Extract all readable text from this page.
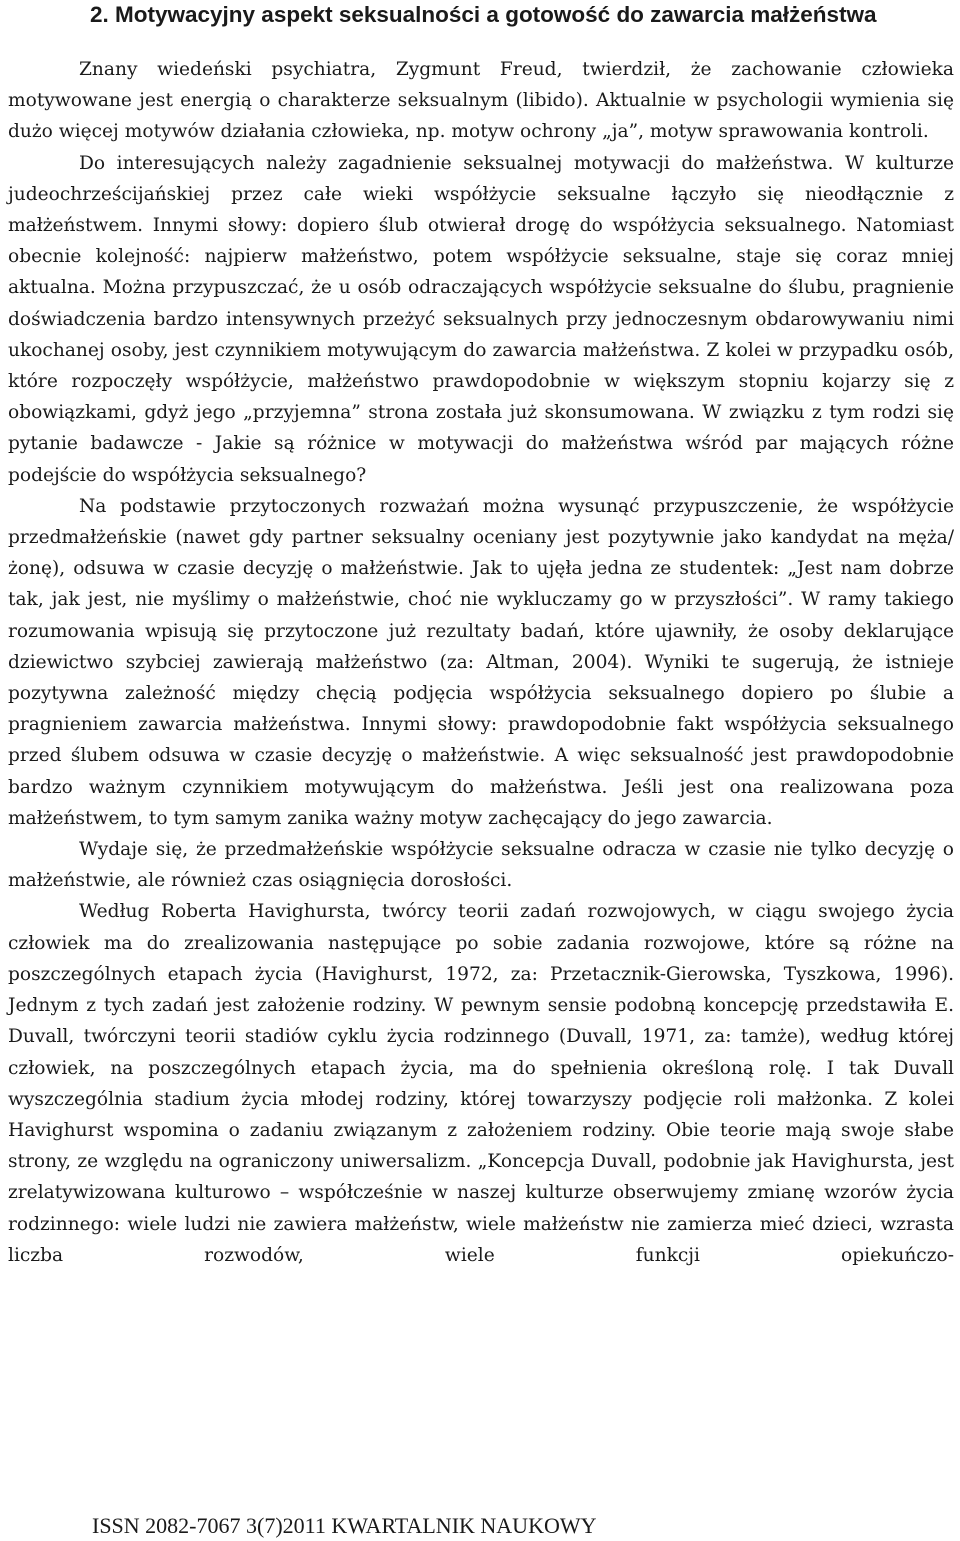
2. Motywacyjny aspekt seksualności a gotowość do zawarcia małżeństwa

Znany wiedeński psychiatra, Zygmunt Freud, twierdził, że zachowanie człowieka motywowane jest energią o charakterze seksualnym (libido). Aktualnie w psychologii wymienia się dużo więcej motywów działania człowieka, np. motyw ochrony „ja”, motyw sprawowania kontroli.

Do interesujących należy zagadnienie seksualnej motywacji do małżeństwa. W kulturze judeochrześcijańskiej przez całe wieki współżycie seksualne łączyło się nieodłącznie z małżeństwem. Innymi słowy: dopiero ślub otwierał drogę do współżycia seksualnego. Natomiast obecnie kolejność: najpierw małżeństwo, potem współżycie seksualne, staje się coraz mniej aktualna. Można przypuszczać, że u osób odraczających współżycie seksualne do ślubu, pragnienie doświadczenia bardzo intensywnych przeżyć seksualnych przy jednoczesnym obdarowywaniu nimi ukochanej osoby, jest czynnikiem motywującym do zawarcia małżeństwa. Z kolei w przypadku osób, które rozpoczęły współżycie, małżeństwo prawdopodobnie w większym stopniu kojarzy się z obowiązkami, gdyż jego „przyjemna” strona została już skonsumowana. W związku z tym rodzi się pytanie badawcze - Jakie są różnice w motywacji do małżeństwa wśród par mających różne podejście do współżycia seksualnego?

Na podstawie przytoczonych rozważań można wysunąć przypuszczenie, że współżycie przedmałżeńskie (nawet gdy partner seksualny oceniany jest pozytywnie jako kandydat na męża/żonę), odsuwa w czasie decyzję o małżeństwie. Jak to ujęła jedna ze studentek: „Jest nam dobrze tak, jak jest, nie myślimy o małżeństwie, choć nie wykluczamy go w przyszłości”. W ramy takiego rozumowania wpisują się przytoczone już rezultaty badań, które ujawniły, że osoby deklarujące dziewictwo szybciej zawierają małżeństwo (za: Altman, 2004). Wyniki te sugerują, że istnieje pozytywna zależność między chęcią podjęcia współżycia seksualnego dopiero po ślubie a pragnieniem zawarcia małżeństwa. Innymi słowy: prawdopodobnie fakt współżycia seksualnego przed ślubem odsuwa w czasie decyzję o małżeństwie. A więc seksualność jest prawdopodobnie bardzo ważnym czynnikiem motywującym do małżeństwa. Jeśli jest ona realizowana poza małżeństwem, to tym samym zanika ważny motyw zachęcający do jego zawarcia.

Wydaje się, że przedmałżeńskie współżycie seksualne odracza w czasie nie tylko decyzję o małżeństwie, ale również czas osiągnięcia dorosłości.

Według Roberta Havighursta, twórcy teorii zadań rozwojowych, w ciągu swojego życia człowiek ma do zrealizowania następujące po sobie zadania rozwojowe, które są różne na poszczególnych etapach życia (Havighurst, 1972, za: Przetacznik-Gierowska, Tyszkowa, 1996). Jednym z tych zadań jest założenie rodziny. W pewnym sensie podobną koncepcję przedstawiła E. Duvall, twórczyni teorii stadiów cyklu życia rodzinnego (Duvall, 1971, za: tamże), według której człowiek, na poszczególnych etapach życia, ma do spełnienia określoną rolę. I tak Duvall wyszczególnia stadium życia młodej rodziny, której towarzyszy podjęcie roli małżonka. Z kolei Havighurst wspomina o zadaniu związanym z założeniem rodziny. Obie teorie mają swoje słabe strony, ze względu na ograniczony uniwersalizm. „Koncepcja Duvall, podobnie jak Havighursta, jest zrelatywizowana kulturowo – współcześnie w naszej kulturze obserwujemy zmianę wzorów życia rodzinnego: wiele ludzi nie zawiera małżeństw, wiele małżeństw nie zamierza mieć dzieci, wzrasta liczba rozwodów, wiele funkcji opiekuńczo-

ISSN 2082-7067 3(7)2011 KWARTALNIK NAUKOWY
